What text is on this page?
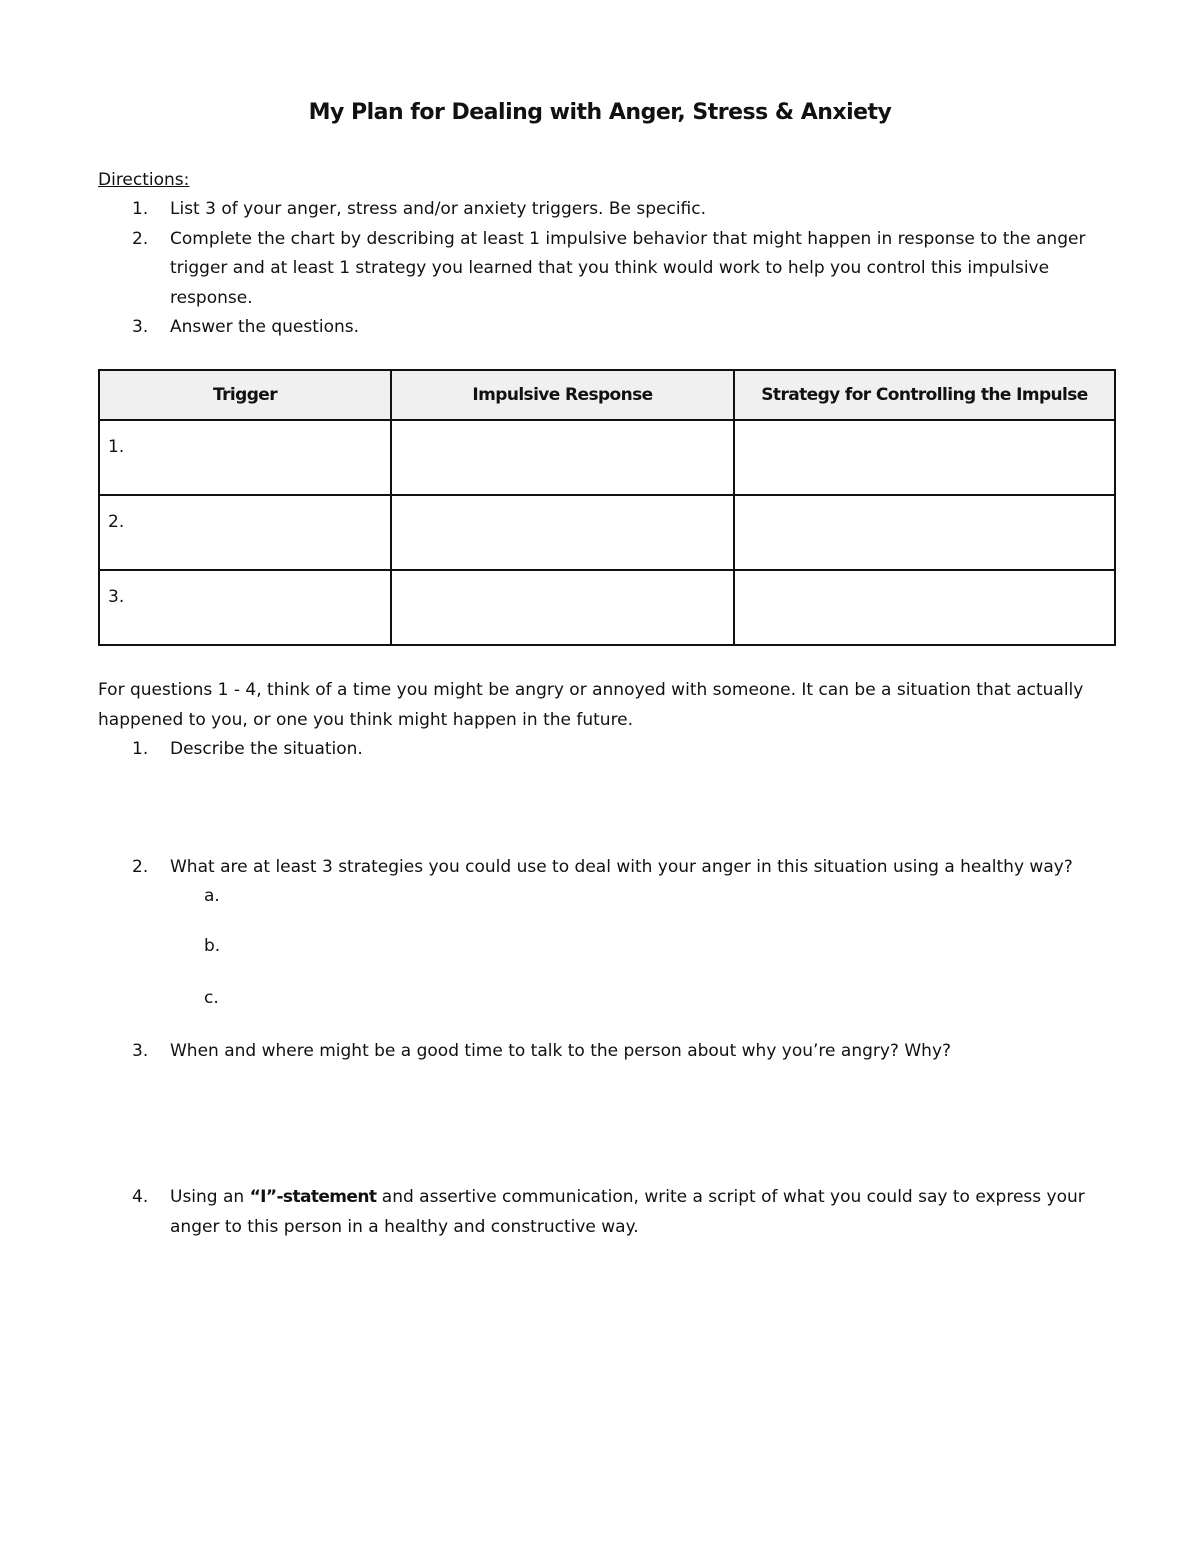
My Plan for Dealing with Anger, Stress & Anxiety
Directions:
1. List 3 of your anger, stress and/or anxiety triggers. Be specific.
2. Complete the chart by describing at least 1 impulsive behavior that might happen in response to the anger
trigger and at least 1 strategy you learned that you think would work to help you control this impulsive
response.
3. Answer the questions.
Trigger	Impulsive Response	Strategy for Controlling the Impulse

1.		

2.		

3.		

For questions 1 - 4, think of a time you might be angry or annoyed with someone. It can be a situation that actually
happened to you, or one you think might happen in the future.
1. Describe the situation.
2. What are at least 3 strategies you could use to deal with your anger in this situation using a healthy way?
a.
b.
c.
3. When and where might be a good time to talk to the person about why you’re angry? Why?
4. Using an “I”-statement and assertive communication, write a script of what you could say to express your
anger to this person in a healthy and constructive way.
